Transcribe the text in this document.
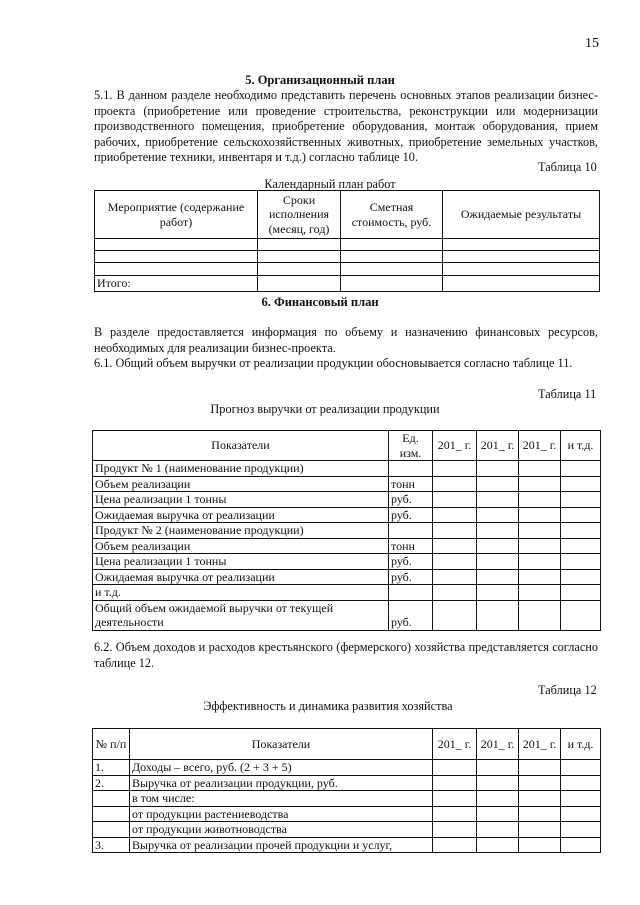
15
5. Организационный план
5.1. В данном разделе необходимо представить перечень основных этапов реализации бизнес-проекта (приобретение или проведение строительства, реконструкции или модернизации производственного помещения, приобретение оборудования, монтаж оборудования, прием рабочих, приобретение сельскохозяйственных животных, приобретение земельных участков, приобретение техники, инвентаря и т.д.) согласно таблице 10.
Таблица 10
Календарный план работ
Мероприятие (содержание работ)	Сроки исполнения (месяц, год)	Сметная стоимость, руб.	Ожидаемые результаты

Итого:			
6. Финансовый план
В разделе предоставляется информация по объему и назначению финансовых ресурсов, необходимых для реализации бизнес-проекта.
6.1. Общий объем выручки от реализации продукции обосновывается согласно таблице 11.
Таблица 11
Прогноз выручки от реализации продукции
Показатели	Ед. изм.	201_ г.	201_ г.	201_ г.	и т.д.
Продукт № 1 (наименование продукции)					
Объем реализации	тонн				
Цена реализации 1 тонны	руб.				
Ожидаемая выручка от реализации	руб.				
Продукт № 2 (наименование продукции)					
Объем реализации	тонн				
Цена реализации 1 тонны	руб.				
Ожидаемая выручка от реализации	руб.				
и т.д.					
Общий объем ожидаемой выручки от текущей деятельности	руб.				
6.2. Объем доходов и расходов крестьянского (фермерского) хозяйства представляется согласно таблице 12.
Таблица 12
Эффективность и динамика развития хозяйства
№ п/п	Показатели	201_ г.	201_ г.	201_ г.	и т.д.
1.	Доходы – всего, руб. (2 + 3 + 5)				
2.	Выручка от реализации продукции, руб.				
	в том числе:				
	от продукции растениеводства				
	от продукции животноводства				
3.	Выручка от реализации прочей продукции и услуг,				
